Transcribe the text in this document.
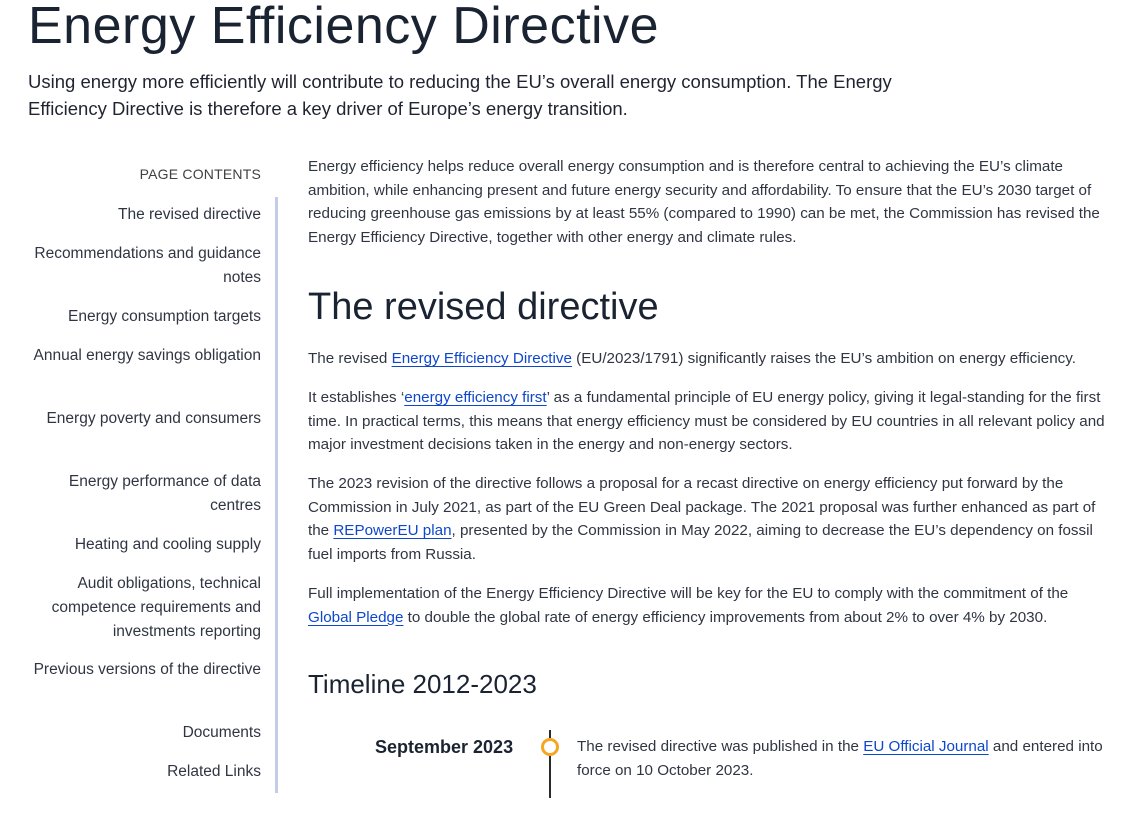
Energy Efficiency Directive

Using energy more efficiently will contribute to reducing the EU’s overall energy consumption. The Energy Efficiency Directive is therefore a key driver of Europe’s energy transition.

PAGE CONTENTS
The revised directive
Recommendations and guidance notes
Energy consumption targets
Annual energy savings obligation
Energy poverty and consumers
Energy performance of data centres
Heating and cooling supply
Audit obligations, technical competence requirements and investments reporting
Previous versions of the directive
Documents
Related Links

Energy efficiency helps reduce overall energy consumption and is therefore central to achieving the EU’s climate ambition, while enhancing present and future energy security and affordability. To ensure that the EU’s 2030 target of reducing greenhouse gas emissions by at least 55% (compared to 1990) can be met, the Commission has revised the Energy Efficiency Directive, together with other energy and climate rules.

The revised directive

The revised Energy Efficiency Directive (EU/2023/1791) significantly raises the EU’s ambition on energy efficiency.

It establishes ‘energy efficiency first’ as a fundamental principle of EU energy policy, giving it legal-standing for the first time. In practical terms, this means that energy efficiency must be considered by EU countries in all relevant policy and major investment decisions taken in the energy and non-energy sectors.

The 2023 revision of the directive follows a proposal for a recast directive on energy efficiency put forward by the Commission in July 2021, as part of the EU Green Deal package. The 2021 proposal was further enhanced as part of the REPowerEU plan, presented by the Commission in May 2022, aiming to decrease the EU’s dependency on fossil fuel imports from Russia.

Full implementation of the Energy Efficiency Directive will be key for the EU to comply with the commitment of the Global Pledge to double the global rate of energy efficiency improvements from about 2% to over 4% by 2030.

Timeline 2012-2023
September 2023	The revised directive was published in the EU Official Journal and entered into force on 10 October 2023.
